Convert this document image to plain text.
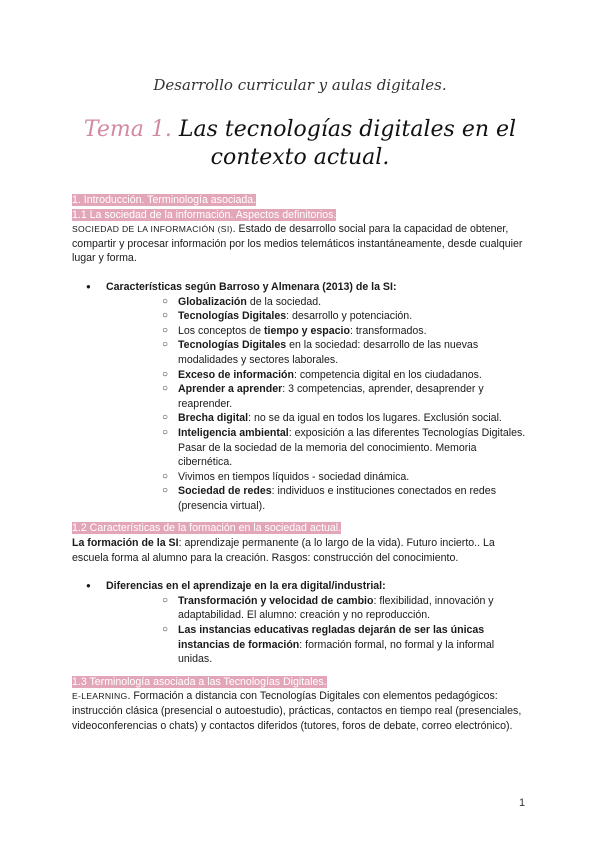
Desarrollo curricular y aulas digitales.
Tema 1. Las tecnologías digitales en el contexto actual.

1. Introducción. Terminología asociada.

1.1 La sociedad de la información. Aspectos definitorios.

SOCIEDAD DE LA INFORMACIÓN (SI). Estado de desarrollo social para la capacidad de obtener, compartir y procesar información por los medios telemáticos instantáneamente, desde cualquier lugar y forma.

● Características según Barroso y Almenara (2013) de la SI:
○ Globalización de la sociedad.
○ Tecnologías Digitales: desarrollo y potenciación.
○ Los conceptos de tiempo y espacio: transformados.
○ Tecnologías Digitales en la sociedad: desarrollo de las nuevas modalidades y sectores laborales.
○ Exceso de información: competencia digital en los ciudadanos.
○ Aprender a aprender: 3 competencias, aprender, desaprender y reaprender.
○ Brecha digital: no se da igual en todos los lugares. Exclusión social.
○ Inteligencia ambiental: exposición a las diferentes Tecnologías Digitales. Pasar de la sociedad de la memoria del conocimiento. Memoria cibernética.
○ Vivimos en tiempos líquidos - sociedad dinámica.
○ Sociedad de redes: individuos e instituciones conectados en redes (presencia virtual).

1.2 Características de la formación en la sociedad actual.

La formación de la SI: aprendizaje permanente (a lo largo de la vida). Futuro incierto.. La escuela forma al alumno para la creación. Rasgos: construcción del conocimiento.

● Diferencias en el aprendizaje en la era digital/industrial:
○ Transformación y velocidad de cambio: flexibilidad, innovación y adaptabilidad. El alumno: creación y no reproducción.
○ Las instancias educativas regladas dejarán de ser las únicas instancias de formación: formación formal, no formal y la informal unidas.

1.3 Terminología asociada a las Tecnologías Digitales.

E-LEARNING. Formación a distancia con Tecnologías Digitales con elementos pedagógicos: instrucción clásica (presencial o autoestudio), prácticas, contactos en tiempo real (presenciales, videoconferencias o chats) y contactos diferidos (tutores, foros de debate, correo electrónico).

1
